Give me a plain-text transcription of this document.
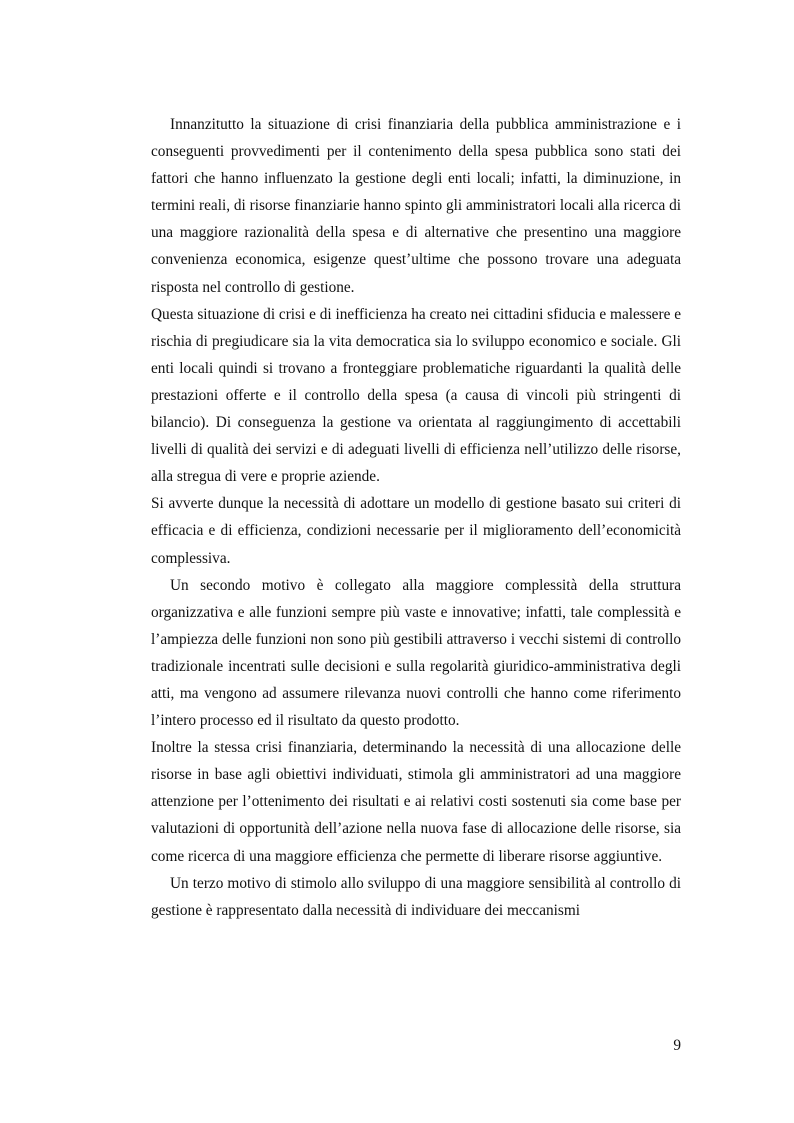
Innanzitutto la situazione di crisi finanziaria della pubblica amministrazione e i conseguenti provvedimenti per il contenimento della spesa pubblica sono stati dei fattori che hanno influenzato la gestione degli enti locali; infatti, la diminuzione, in termini reali, di risorse finanziarie hanno spinto gli amministratori locali alla ricerca di una maggiore razionalità della spesa e di alternative che presentino una maggiore convenienza economica, esigenze quest’ultime che possono trovare una adeguata risposta nel controllo di gestione.

Questa situazione di crisi e di inefficienza ha creato nei cittadini sfiducia e malessere e rischia di pregiudicare sia la vita democratica sia lo sviluppo economico e sociale. Gli enti locali quindi si trovano a fronteggiare problematiche riguardanti la qualità delle prestazioni offerte e il controllo della spesa (a causa di vincoli più stringenti di bilancio). Di conseguenza la gestione va orientata al raggiungimento di accettabili livelli di qualità dei servizi e di adeguati livelli di efficienza nell’utilizzo delle risorse, alla stregua di vere e proprie aziende.

Si avverte dunque la necessità di adottare un modello di gestione basato sui criteri di efficacia e di efficienza, condizioni necessarie per il miglioramento dell’economicità complessiva.

Un secondo motivo è collegato alla maggiore complessità della struttura organizzativa e alle funzioni sempre più vaste e innovative; infatti, tale complessità e l’ampiezza delle funzioni non sono più gestibili attraverso i vecchi sistemi di controllo tradizionale incentrati sulle decisioni e sulla regolarità giuridico-amministrativa degli atti, ma vengono ad assumere rilevanza nuovi controlli che hanno come riferimento l’intero processo ed il risultato da questo prodotto.

Inoltre la stessa crisi finanziaria, determinando la necessità di una allocazione delle risorse in base agli obiettivi individuati, stimola gli amministratori ad una maggiore attenzione per l’ottenimento dei risultati e ai relativi costi sostenuti sia come base per valutazioni di opportunità dell’azione nella nuova fase di allocazione delle risorse, sia come ricerca di una maggiore efficienza che permette di liberare risorse aggiuntive.

Un terzo motivo di stimolo allo sviluppo di una maggiore sensibilità al controllo di gestione è rappresentato dalla necessità di individuare dei meccanismi

9
